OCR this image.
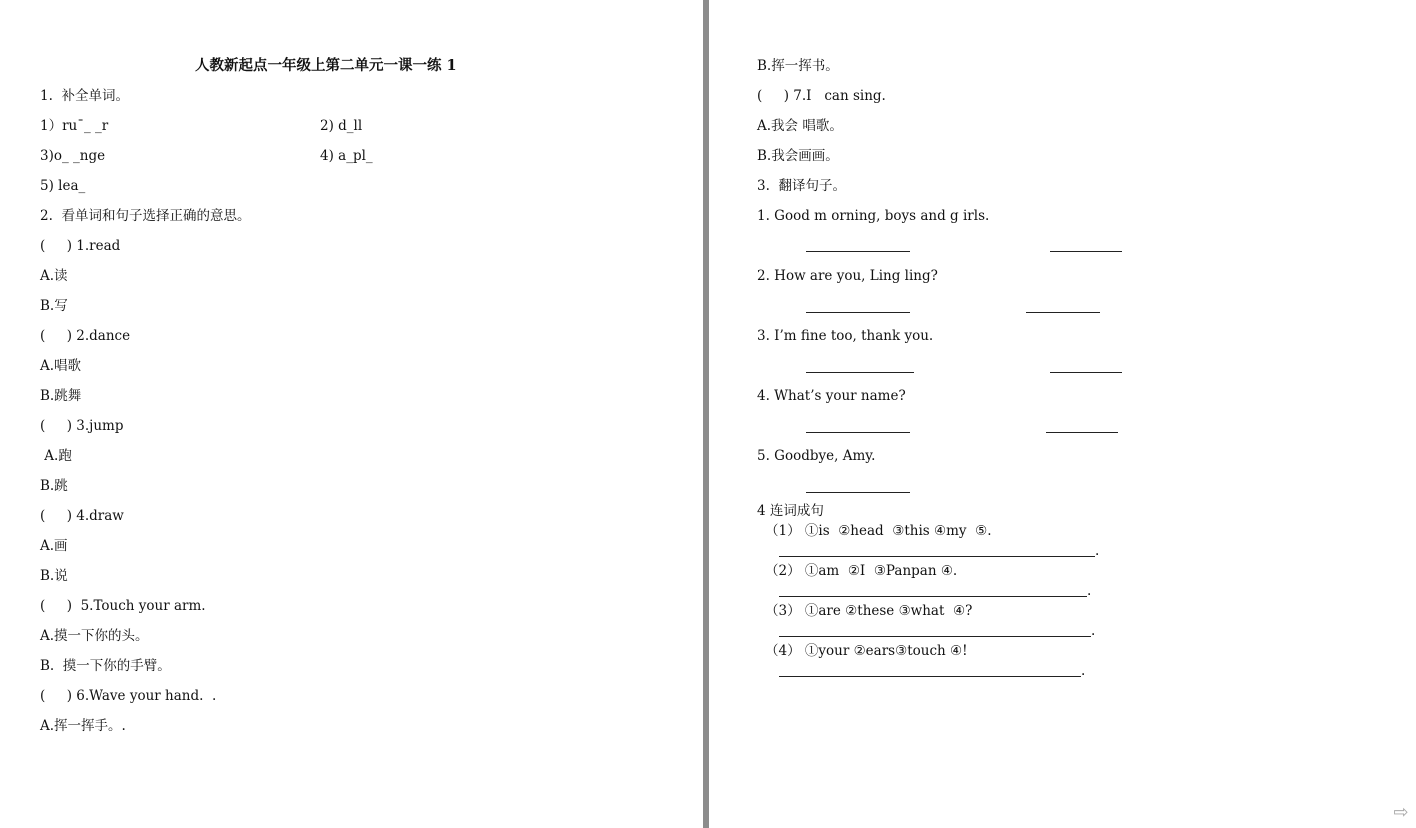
人教新起点一年级上第二单元一课一练 1
1.  补全单词。
1）ru¯_ _r	2) d_ll
3)o_ _nge	4) a_pl_
5) lea_
2.  看单词和句子选择正确的意思。
(     ) 1.read
A.读
B.写
(     ) 2.dance
A.唱歌
B.跳舞
(     ) 3.jump
A.跑
B.跳
(     ) 4.draw
A.画
B.说
(     )  5.Touch your arm.
A.摸一下你的头。
B.  摸一下你的手臂。
(     ) 6.Wave your hand.  .
A.挥一挥手。.
B.挥一挥书。
(     ) 7.I   can sing.
A.我会 唱歌。
B.我会画画。
3.  翻译句子。
1. Good m orning, boys and g irls.
2. How are you, Ling ling?
3. I’m fine too, thank you.
4. What’s your name?
5. Goodbye, Amy.
4 连词成句
（1） ①is  ②head  ③this ④my  ⑤.
.
（2） ①am  ②I  ③Panpan ④.
.
（3） ①are ②these ③what  ④?
.
（4） ①your ②ears③touch ④!
.
⇨
